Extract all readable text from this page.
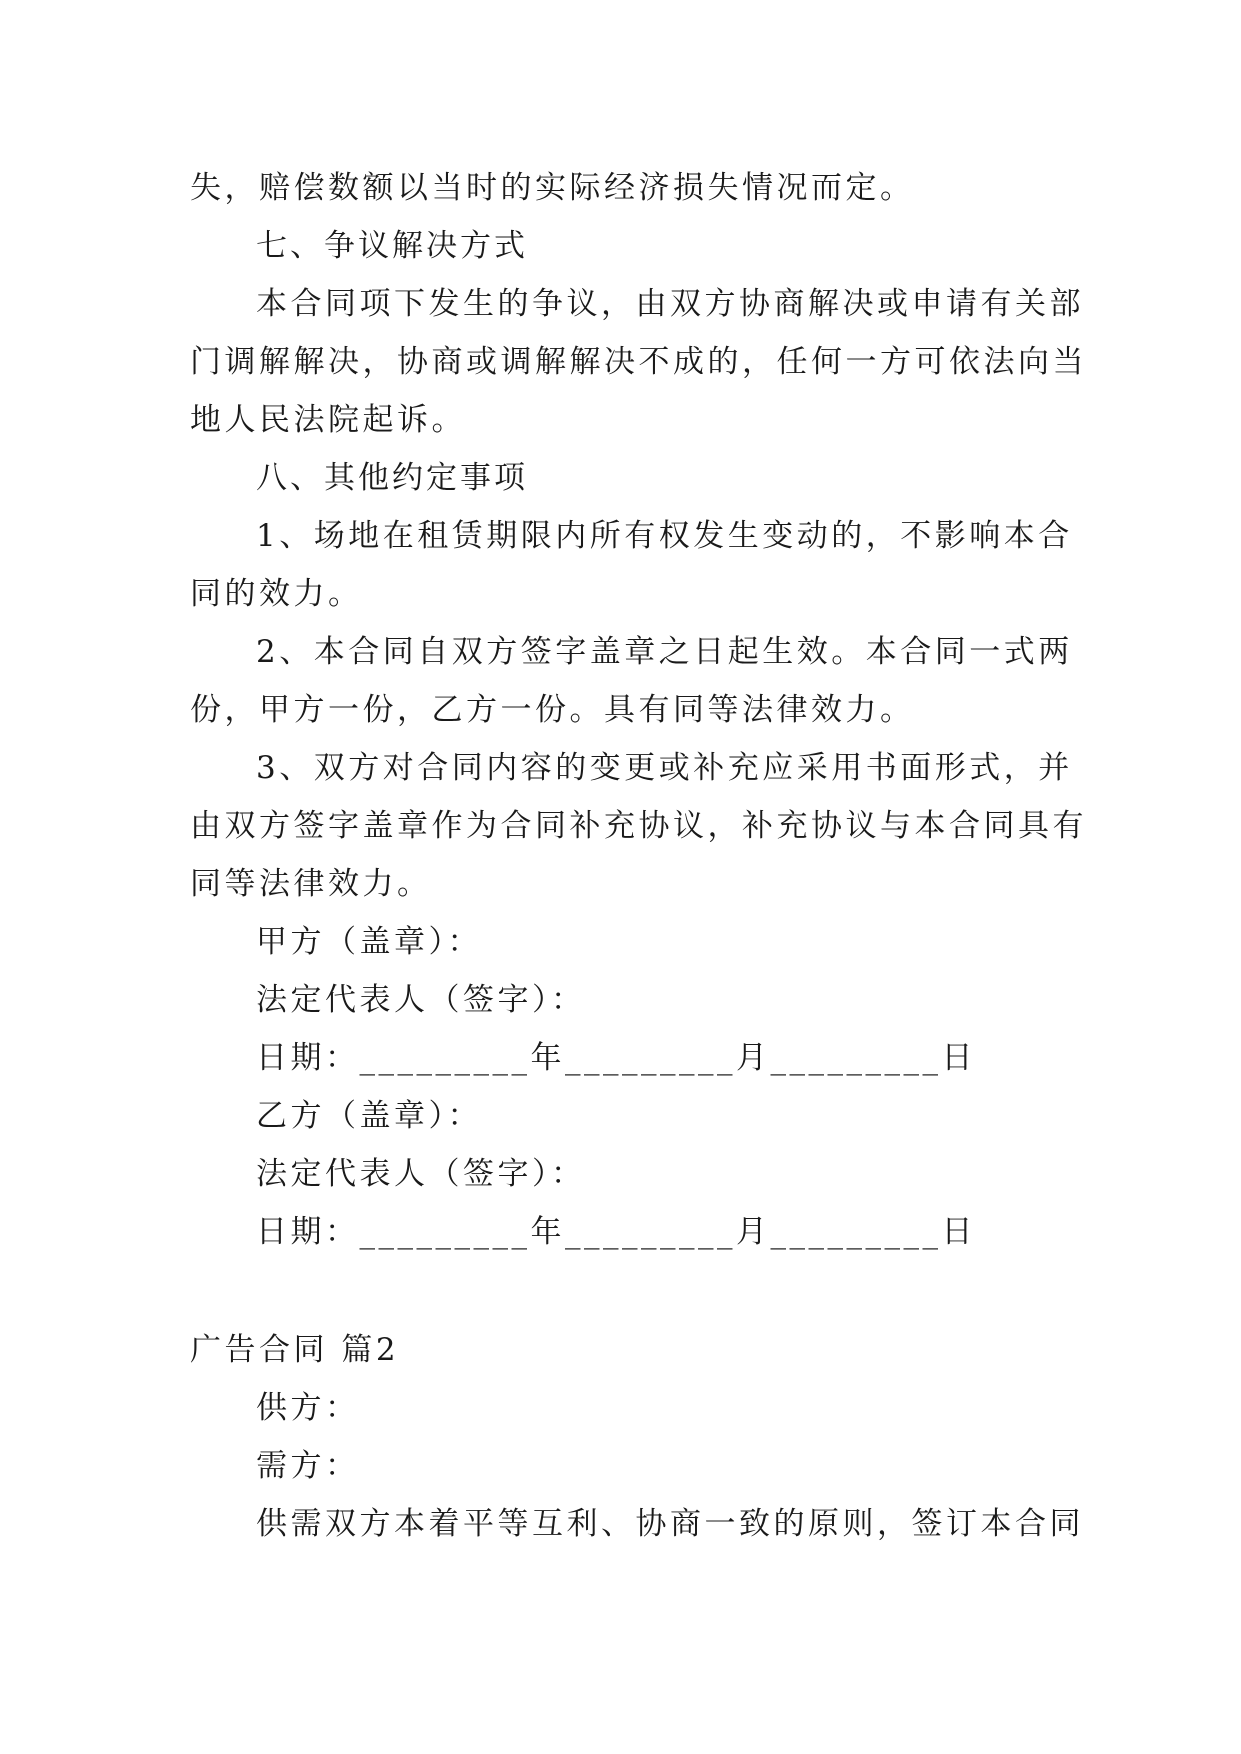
失，赔偿数额以当时的实际经济损失情况而定。
七、争议解决方式
本合同项下发生的争议，由双方协商解决或申请有关部
门调解解决，协商或调解解决不成的，任何一方可依法向当
地人民法院起诉。
八、其他约定事项
1、场地在租赁期限内所有权发生变动的，不影响本合
同的效力。
2、本合同自双方签字盖章之日起生效。本合同一式两
份，甲方一份，乙方一份。具有同等法律效力。
3、双方对合同内容的变更或补充应采用书面形式，并
由双方签字盖章作为合同补充协议，补充协议与本合同具有
同等法律效力。
甲方（盖章）：
法定代表人（签字）：
日期：_________年_________月_________日
乙方（盖章）：
法定代表人（签字）：
日期：_________年_________月_________日
广告合同 篇2
供方：
需方：
供需双方本着平等互利、协商一致的原则，签订本合同
